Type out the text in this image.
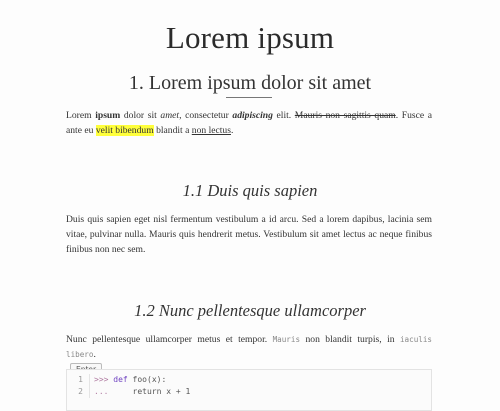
Lorem ipsum
1. Lorem ipsum dolor sit amet

Lorem ipsum dolor sit amet, consectetur adipiscing elit. Mauris non sagittis quam. Fusce a ante eu velit bibendum blandit a non lectus.

1.1 Duis quis sapien

Duis quis sapien eget nisl fermentum vestibulum a id arcu. Sed a lorem dapibus, lacinia sem vitae, pulvinar nulla. Mauris quis hendrerit metus. Vestibulum sit amet lectus ac neque finibus finibus non nec sem.

1.2 Nunc pellentesque ullamcorper

Nunc pellentesque ullamcorper metus et tempor. Mauris non blandit turpis, in iaculis libero.

1 >>> def foo(x):
2 ...     return x + 1
